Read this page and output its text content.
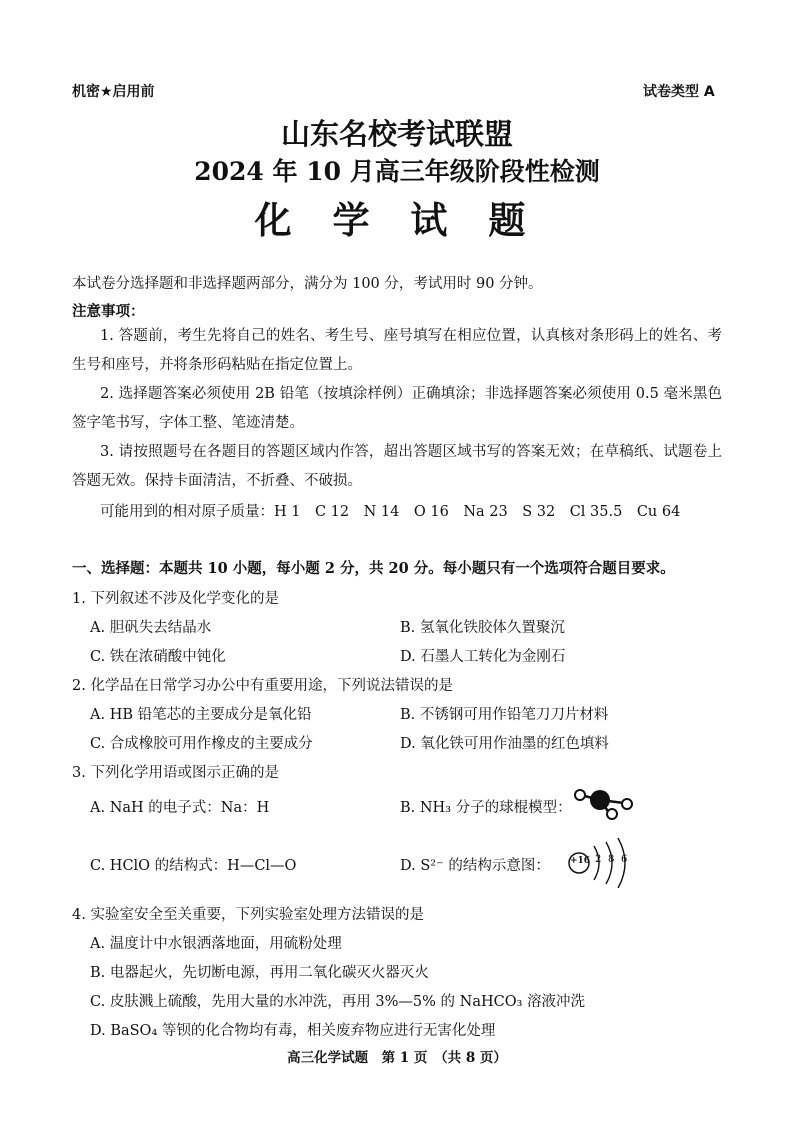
机密★启用前	试卷类型 A
山东名校考试联盟
2024 年 10 月高三年级阶段性检测
化 学 试 题
本试卷分选择题和非选择题两部分，满分为 100 分，考试用时 90 分钟。
注意事项：
1. 答题前，考生先将自己的姓名、考生号、座号填写在相应位置，认真核对条形码上的姓名、考生号和座号，并将条形码粘贴在指定位置上。
2. 选择题答案必须使用 2B 铅笔（按填涂样例）正确填涂；非选择题答案必须使用 0.5 毫米黑色签字笔书写，字体工整、笔迹清楚。
3. 请按照题号在各题目的答题区域内作答，超出答题区域书写的答案无效；在草稿纸、试题卷上答题无效。保持卡面清洁，不折叠、不破损。
可能用到的相对原子质量：H 1　C 12　N 14　O 16　Na 23　S 32　Cl 35.5　Cu 64
一、选择题：本题共 10 小题，每小题 2 分，共 20 分。每小题只有一个选项符合题目要求。
1. 下列叙述不涉及化学变化的是
A. 胆矾失去结晶水	B. 氢氧化铁胶体久置聚沉
C. 铁在浓硝酸中钝化	D. 石墨人工转化为金刚石
2. 化学品在日常学习办公中有重要用途，下列说法错误的是
A. HB 铅笔芯的主要成分是氧化铅	B. 不锈钢可用作铅笔刀刀片材料
C. 合成橡胶可用作橡皮的主要成分	D. 氧化铁可用作油墨的红色填料
3. 下列化学用语或图示正确的是
A. NaH 的电子式：Na：H	B. NH₃ 分子的球棍模型：
C. HClO 的结构式：H—Cl—O	D. S²⁻ 的结构示意图： +16 2 8 6
4. 实验室安全至关重要，下列实验室处理方法错误的是
A. 温度计中水银洒落地面，用硫粉处理
B. 电器起火，先切断电源，再用二氧化碳灭火器灭火
C. 皮肤溅上硫酸，先用大量的水冲洗，再用 3%—5% 的 NaHCO₃ 溶液冲洗
D. BaSO₄ 等钡的化合物均有毒，相关废弃物应进行无害化处理
高三化学试题　第 1 页　（共 8 页）
